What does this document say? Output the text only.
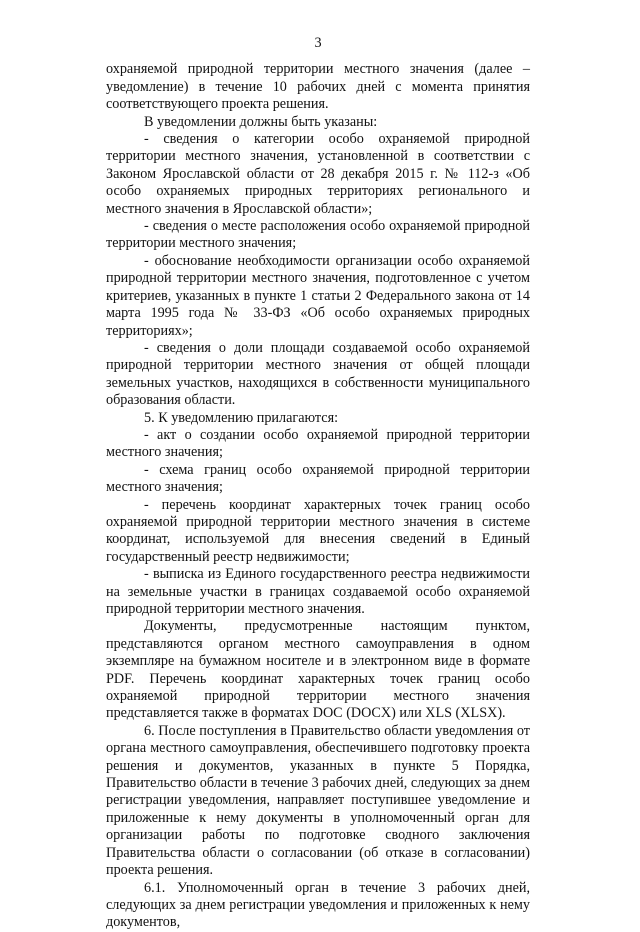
3

охраняемой природной территории местного значения (далее – уведомление) в течение 10 рабочих дней с момента принятия соответствующего проекта решения.

В уведомлении должны быть указаны:

- сведения о категории особо охраняемой природной территории местного значения, установленной в соответствии с Законом Ярославской области от 28 декабря 2015 г. № 112-з «Об особо охраняемых природных территориях регионального и местного значения в Ярославской области»;

- сведения о месте расположения особо охраняемой природной территории местного значения;

- обоснование необходимости организации особо охраняемой природной территории местного значения, подготовленное с учетом критериев, указанных в пункте 1 статьи 2 Федерального закона от 14 марта 1995 года № 33-ФЗ «Об особо охраняемых природных территориях»;

- сведения о доли площади создаваемой особо охраняемой природной территории местного значения от общей площади земельных участков, находящихся в собственности муниципального образования области.

5. К уведомлению прилагаются:

- акт о создании особо охраняемой природной территории местного значения;

- схема границ особо охраняемой природной территории местного значения;

- перечень координат характерных точек границ особо охраняемой природной территории местного значения в системе координат, используемой для внесения сведений в Единый государственный реестр недвижимости;

- выписка из Единого государственного реестра недвижимости на земельные участки в границах создаваемой особо охраняемой природной территории местного значения.

Документы, предусмотренные настоящим пунктом, представляются органом местного самоуправления в одном экземпляре на бумажном носителе и в электронном виде в формате PDF. Перечень координат характерных точек границ особо охраняемой природной территории местного значения представляется также в форматах DOC (DOCX) или XLS (XLSX).

6. После поступления в Правительство области уведомления от органа местного самоуправления, обеспечившего подготовку проекта решения и документов, указанных в пункте 5 Порядка, Правительство области в течение 3 рабочих дней, следующих за днем регистрации уведомления, направляет поступившее уведомление и приложенные к нему документы в уполномоченный орган для организации работы по подготовке сводного заключения Правительства области о согласовании (об отказе в согласовании) проекта решения.

6.1. Уполномоченный орган в течение 3 рабочих дней, следующих за днем регистрации уведомления и приложенных к нему документов,
